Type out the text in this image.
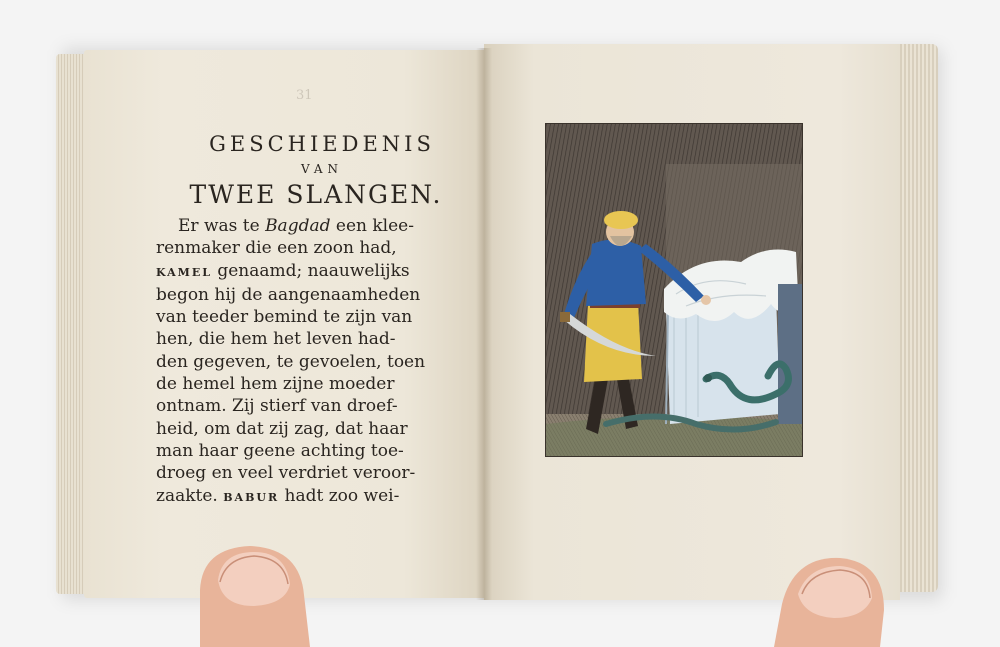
31
GESCHIEDENIS
VAN
TWEE SLANGEN.
Er was te Bagdad een klee-
renmaker die een zoon had,
KAMEL genaamd; naauwelijks
begon hij de aangenaamheden
van teeder bemind te zijn van
hen, die hem het leven had-
den gegeven, te gevoelen, toen
de hemel hem zijne moeder
ontnam. Zij stierf van droef-
heid, om dat zij zag, dat haar
man haar geene achting toe-
droeg en veel verdriet veroor-
zaakte. BABUR hadt zoo wei-
